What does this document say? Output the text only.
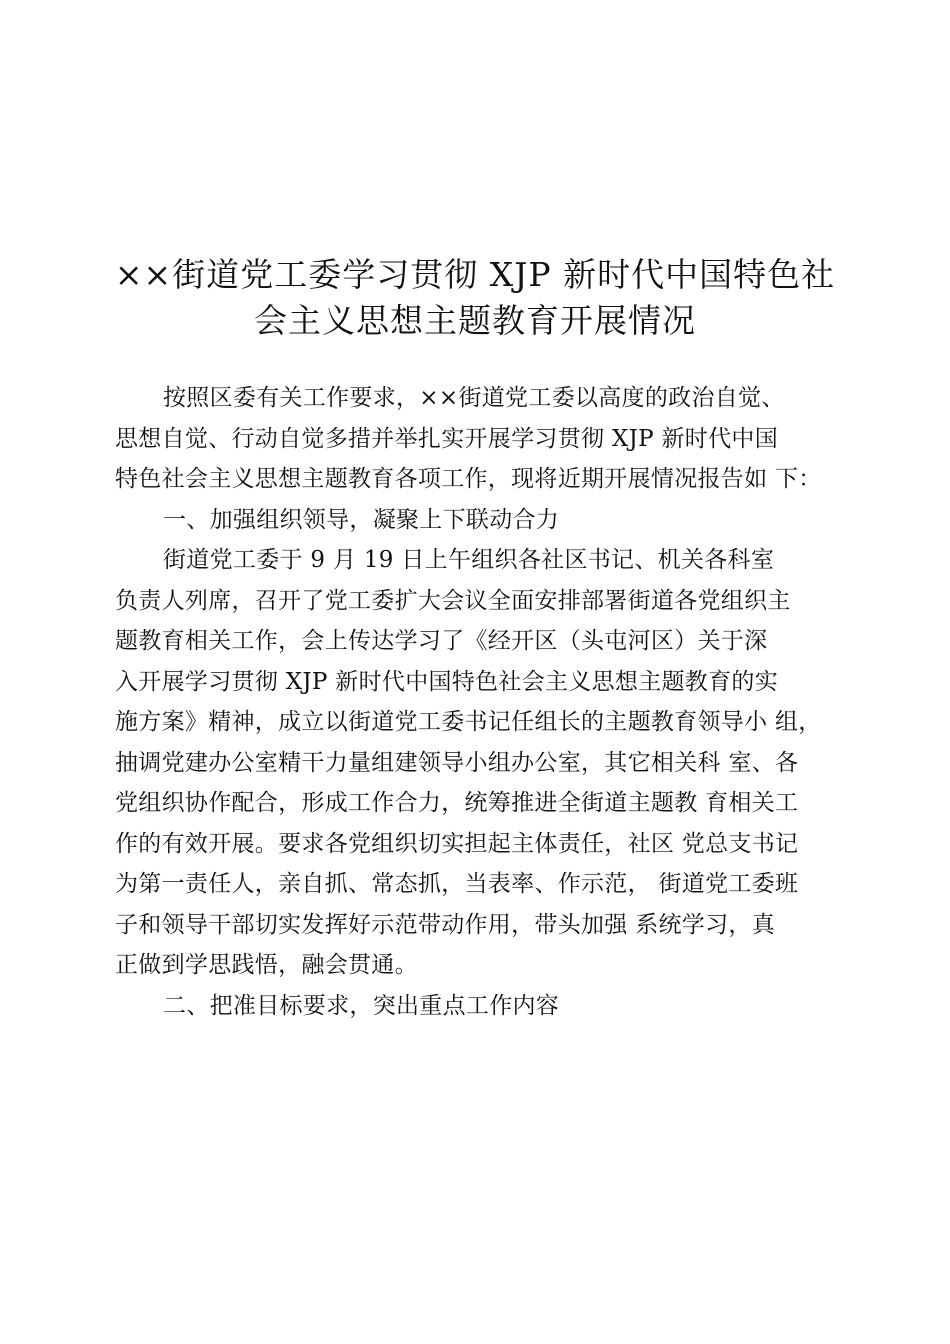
××街道党工委学习贯彻 XJP 新时代中国特色社
会主义思想主题教育开展情况
按照区委有关工作要求，××街道党工委以高度的政治自觉、
思想自觉、行动自觉多措并举扎实开展学习贯彻 XJP 新时代中国
特色社会主义思想主题教育各项工作，现将近期开展情况报告如 下：
一、加强组织领导，凝聚上下联动合力
街道党工委于 9 月 19 日上午组织各社区书记、机关各科室
负责人列席，召开了党工委扩大会议全面安排部署街道各党组织主
题教育相关工作，会上传达学习了《经开区（头屯河区）关于深
入开展学习贯彻 XJP 新时代中国特色社会主义思想主题教育的实
施方案》精神，成立以街道党工委书记任组长的主题教育领导小 组，
抽调党建办公室精干力量组建领导小组办公室，其它相关科 室、各
党组织协作配合，形成工作合力，统筹推进全街道主题教 育相关工
作的有效开展。要求各党组织切实担起主体责任，社区 党总支书记
为第一责任人，亲自抓、常态抓，当表率、作示范， 街道党工委班
子和领导干部切实发挥好示范带动作用，带头加强 系统学习，真
正做到学思践悟，融会贯通。
二、把准目标要求，突出重点工作内容
